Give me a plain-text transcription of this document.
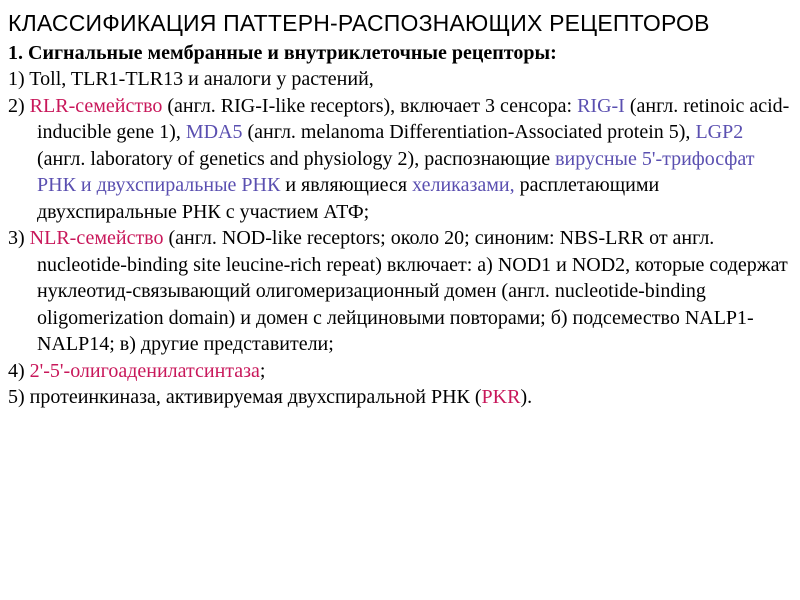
КЛАССИФИКАЦИЯ ПАТТЕРН-РАСПОЗНАЮЩИХ РЕЦЕПТОРОВ

1. Сигнальные мембранные и внутриклеточные рецепторы:

1) Toll, TLR1-TLR13 и аналоги у растений,

2) RLR-семейство (англ. RIG-I-like receptors), включает 3 сенсора: RIG-I (англ. retinoic acid-inducible gene 1), MDA5 (англ. melanoma Differentiation-Associated protein 5), LGP2 (англ. laboratory of genetics and physiology 2), распознающие вирусные 5'-трифосфат РНК и двухспиральные РНК и являющиеся хеликазами, расплетающими двухспиральные РНК с участием АТФ;

3) NLR-семейство (англ. NOD-like receptors; около 20; синоним: NBS-LRR от англ. nucleotide-binding site leucine-rich repeat) включает: а) NOD1 и NOD2, которые содержат нуклеотид-связывающий олигомеризационный домен (англ. nucleotide-binding oligomerization domain) и домен с лейциновыми повторами; б) подсемество NALP1-NALP14; в) другие представители;

4) 2'-5'-олигоаденилатсинтаза;

5) протеинкиназа, активируемая двухспиральной РНК (PKR).
